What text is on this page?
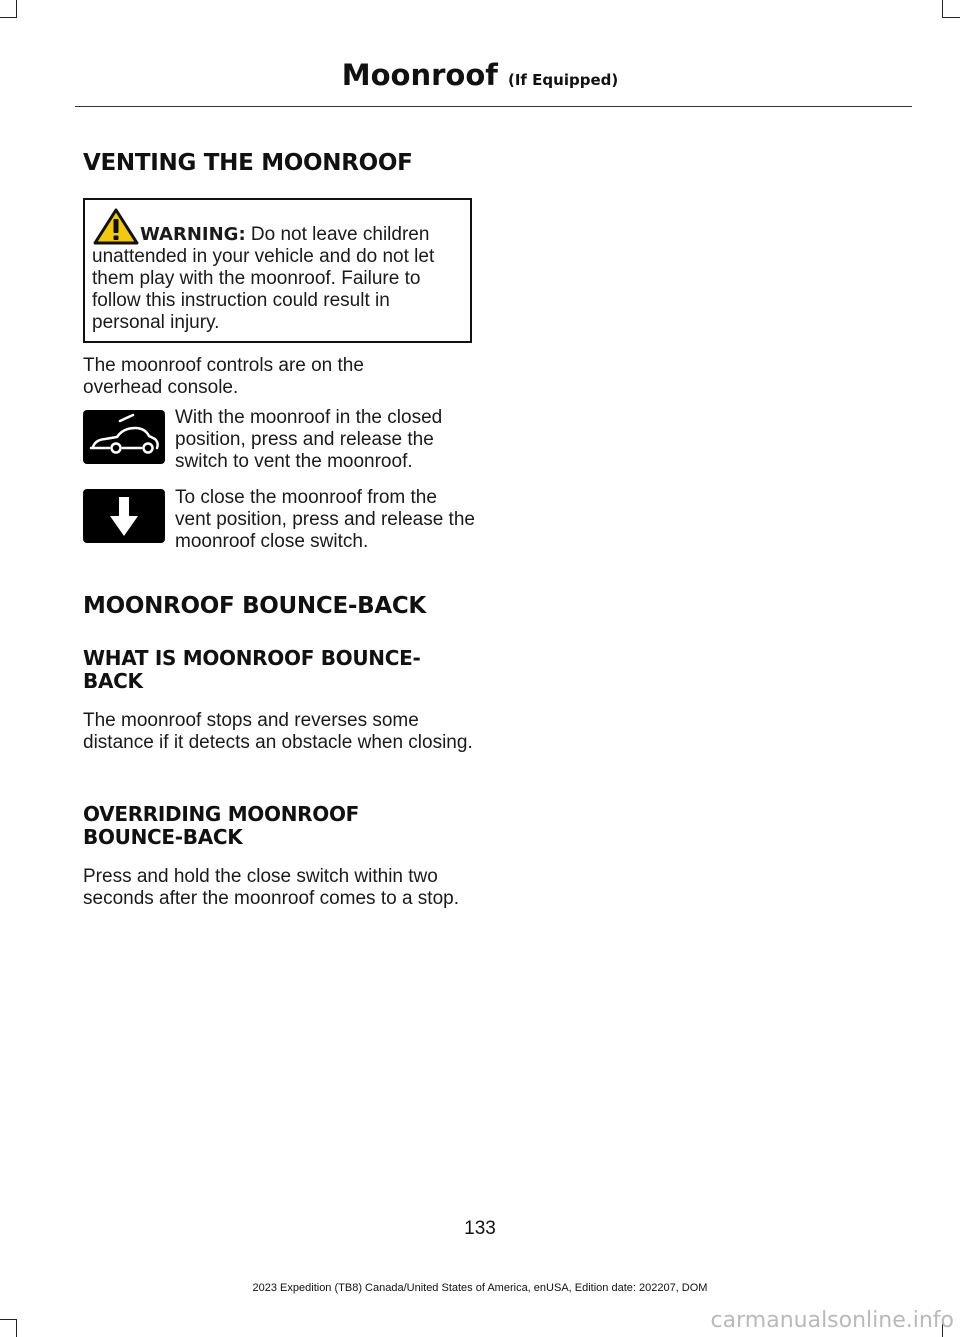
Moonroof (If Equipped)
VENTING THE MOONROOF
WARNING: Do not leave children unattended in your vehicle and do not let them play with the moonroof. Failure to follow this instruction could result in personal injury.

The moonroof controls are on the overhead console.

With the moonroof in the closed position, press and release the switch to vent the moonroof.

To close the moonroof from the vent position, press and release the moonroof close switch.

MOONROOF BOUNCE-BACK
WHAT IS MOONROOF BOUNCE-BACK

The moonroof stops and reverses some distance if it detects an obstacle when closing.

OVERRIDING MOONROOF BOUNCE-BACK

Press and hold the close switch within two seconds after the moonroof comes to a stop.

133
2023 Expedition (TB8) Canada/United States of America, enUSA, Edition date: 202207, DOM
carmanualsonline.info
